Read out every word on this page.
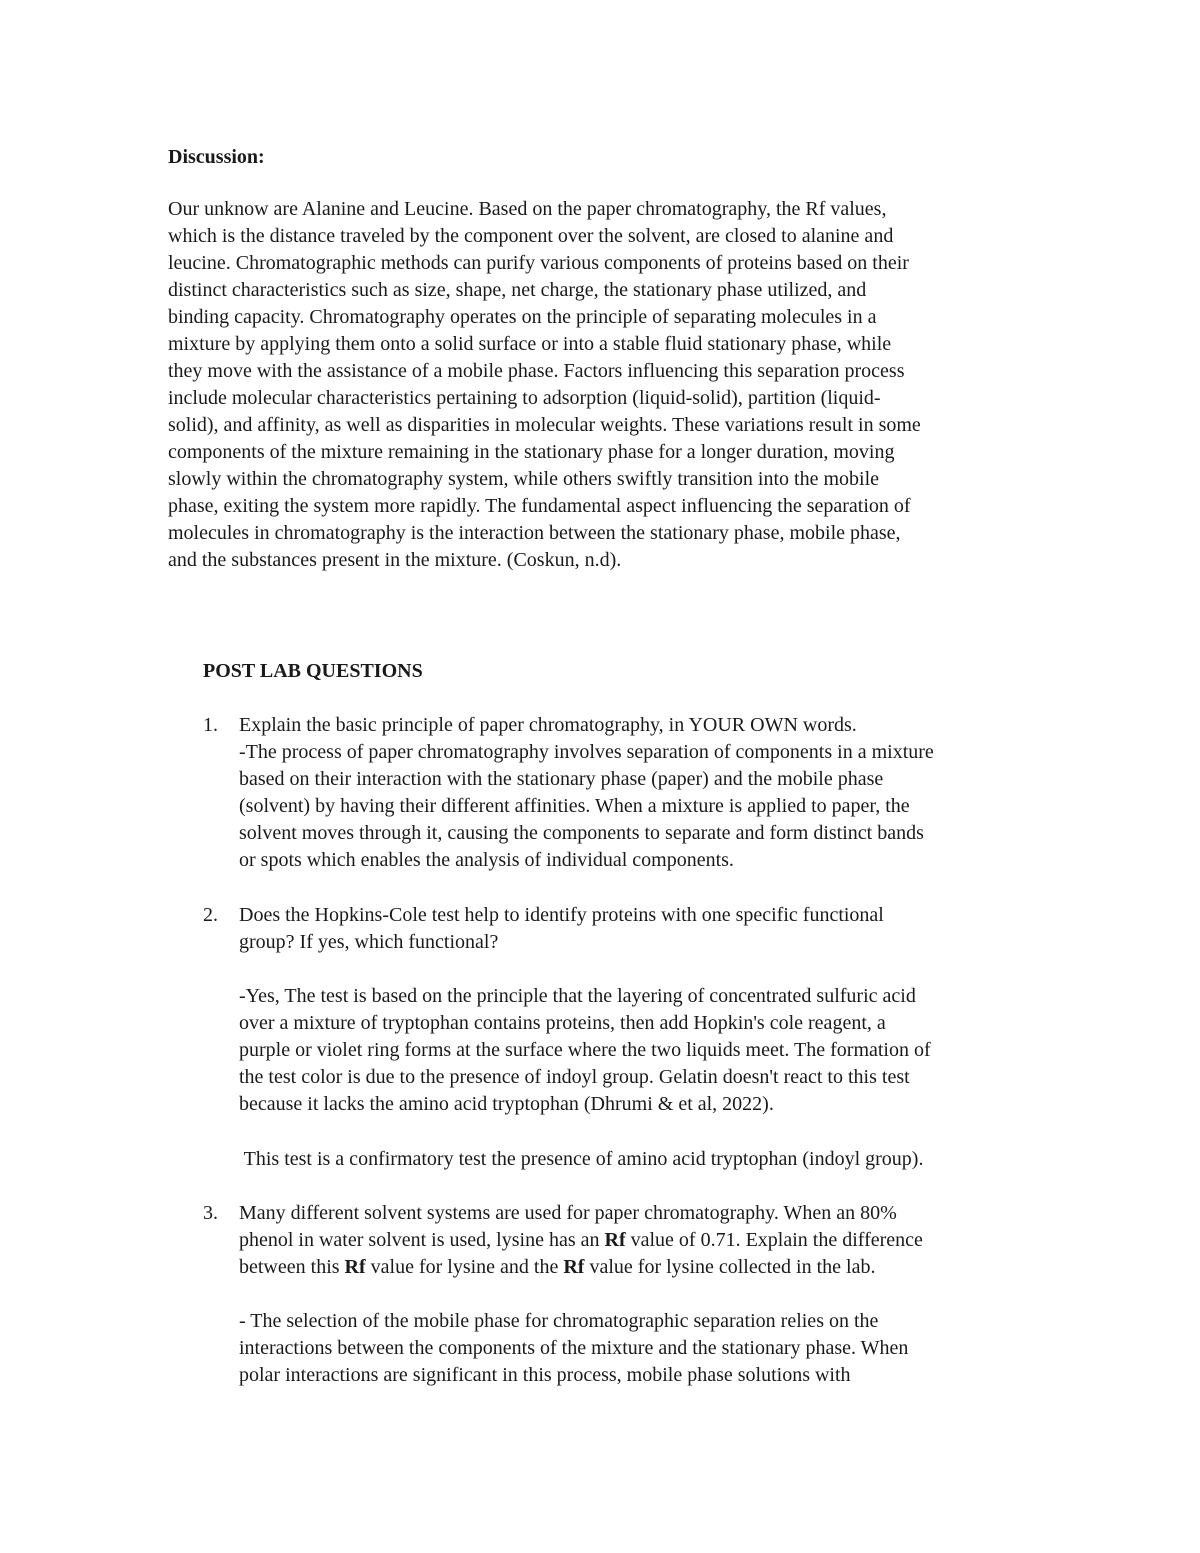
Discussion:
Our unknow are Alanine and Leucine. Based on the paper chromatography, the Rf values,
which is the distance traveled by the component over the solvent, are closed to alanine and
leucine. Chromatographic methods can purify various components of proteins based on their
distinct characteristics such as size, shape, net charge, the stationary phase utilized, and
binding capacity. Chromatography operates on the principle of separating molecules in a
mixture by applying them onto a solid surface or into a stable fluid stationary phase, while
they move with the assistance of a mobile phase. Factors influencing this separation process
include molecular characteristics pertaining to adsorption (liquid-solid), partition (liquid-
solid), and affinity, as well as disparities in molecular weights. These variations result in some
components of the mixture remaining in the stationary phase for a longer duration, moving
slowly within the chromatography system, while others swiftly transition into the mobile
phase, exiting the system more rapidly. The fundamental aspect influencing the separation of
molecules in chromatography is the interaction between the stationary phase, mobile phase,
and the substances present in the mixture. (Coskun, n.d).
POST LAB QUESTIONS
1. Explain the basic principle of paper chromatography, in YOUR OWN words.
-The process of paper chromatography involves separation of components in a mixture
based on their interaction with the stationary phase (paper) and the mobile phase
(solvent) by having their different affinities. When a mixture is applied to paper, the
solvent moves through it, causing the components to separate and form distinct bands
or spots which enables the analysis of individual components.
2. Does the Hopkins-Cole test help to identify proteins with one specific functional
group? If yes, which functional?
-Yes, The test is based on the principle that the layering of concentrated sulfuric acid
over a mixture of tryptophan contains proteins, then add Hopkin's cole reagent, a
purple or violet ring forms at the surface where the two liquids meet. The formation of
the test color is due to the presence of indoyl group. Gelatin doesn't react to this test
because it lacks the amino acid tryptophan (Dhrumi & et al, 2022).
This test is a confirmatory test the presence of amino acid tryptophan (indoyl group).
3. Many different solvent systems are used for paper chromatography. When an 80%
phenol in water solvent is used, lysine has an Rf value of 0.71. Explain the difference
between this Rf value for lysine and the Rf value for lysine collected in the lab.
- The selection of the mobile phase for chromatographic separation relies on the
interactions between the components of the mixture and the stationary phase. When
polar interactions are significant in this process, mobile phase solutions with
